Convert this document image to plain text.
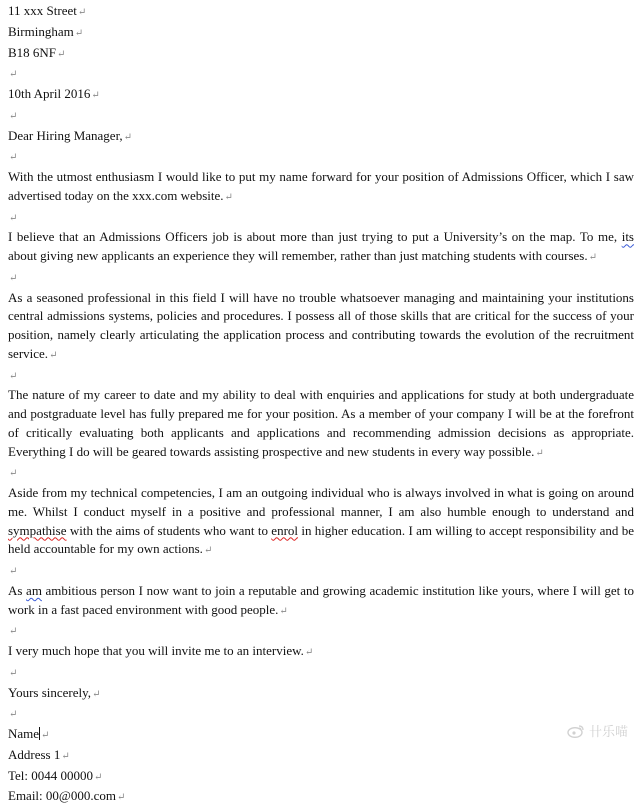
11 xxx Street ↵
Birmingham ↵
B18 6NF ↵
↵
10th April 2016 ↵
↵
Dear Hiring Manager, ↵
↵
With the utmost enthusiasm I would like to put my name forward for your position of Admissions Officer, which I saw advertised today on the xxx.com website. ↵
↵
I believe that an Admissions Officers job is about more than just trying to put a University’s on the map. To me, its about giving new applicants an experience they will remember, rather than just matching students with courses. ↵
↵
As a seasoned professional in this field I will have no trouble whatsoever managing and maintaining your institutions central admissions systems, policies and procedures. I possess all of those skills that are critical for the success of your position, namely clearly articulating the application process and contributing towards the evolution of the recruitment service. ↵
↵
The nature of my career to date and my ability to deal with enquiries and applications for study at both undergraduate and postgraduate level has fully prepared me for your position. As a member of your company I will be at the forefront of critically evaluating both applicants and applications and recommending admission decisions as appropriate. Everything I do will be geared towards assisting prospective and new students in every way possible. ↵
↵
Aside from my technical competencies, I am an outgoing individual who is always involved in what is going on around me. Whilst I conduct myself in a positive and professional manner, I am also humble enough to understand and sympathise with the aims of students who want to enrol in higher education. I am willing to accept responsibility and be held accountable for my own actions. ↵
↵
As am ambitious person I now want to join a reputable and growing academic institution like yours, where I will get to work in a fast paced environment with good people. ↵
↵
I very much hope that you will invite me to an interview. ↵
↵
Yours sincerely, ↵
↵
Name ↵
Address 1 ↵
Tel: 0044 00000 ↵
Email: 00@000.com ↵
卄乐喵
